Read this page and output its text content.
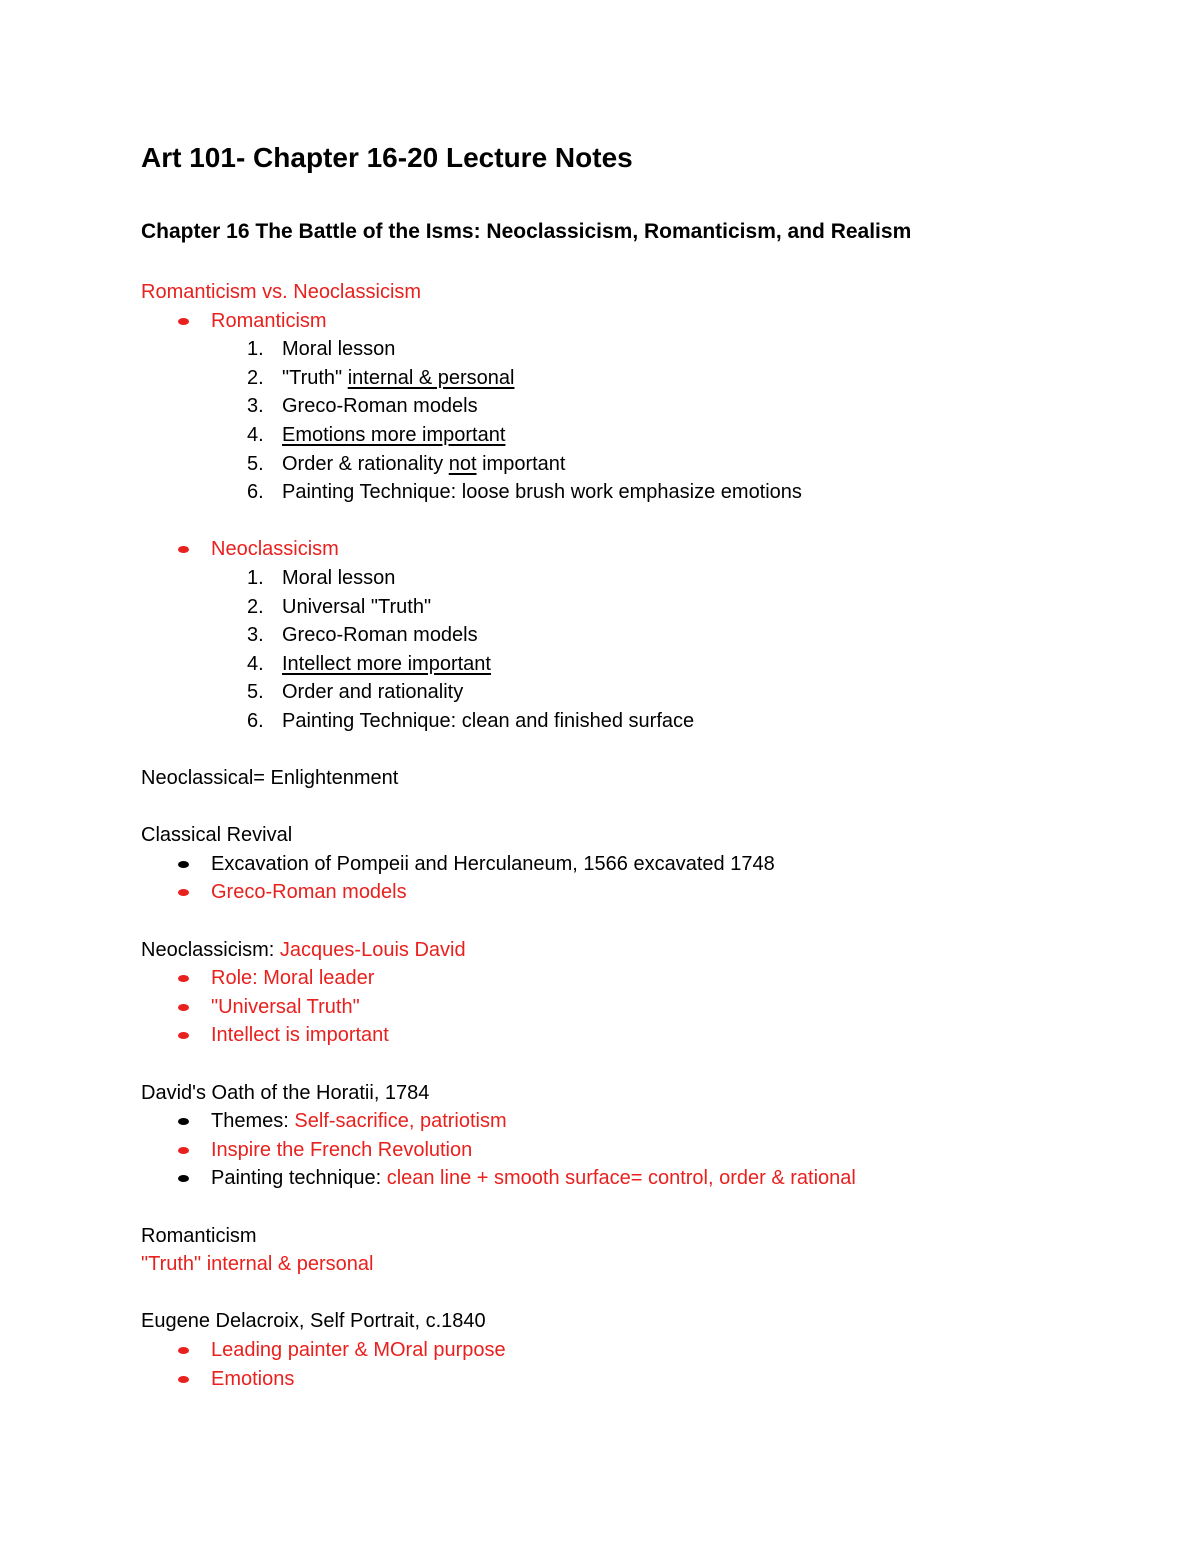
Art 101- Chapter 16-20 Lecture Notes
Chapter 16 The Battle of the Isms: Neoclassicism, Romanticism, and Realism
Romanticism vs. Neoclassicism
Romanticism
1. Moral lesson
2. "Truth" internal & personal
3. Greco-Roman models
4. Emotions more important
5. Order & rationality not important
6. Painting Technique: loose brush work emphasize emotions
Neoclassicism
1. Moral lesson
2. Universal "Truth"
3. Greco-Roman models
4. Intellect more important
5. Order and rationality
6. Painting Technique: clean and finished surface
Neoclassical= Enlightenment
Classical Revival
Excavation of Pompeii and Herculaneum, 1566 excavated 1748
Greco-Roman models
Neoclassicism: Jacques-Louis David
Role: Moral leader
"Universal Truth"
Intellect is important
David's Oath of the Horatii, 1784
Themes: Self-sacrifice, patriotism
Inspire the French Revolution
Painting technique: clean line + smooth surface= control, order & rational
Romanticism
"Truth" internal & personal
Eugene Delacroix, Self Portrait, c.1840
Leading painter & MOral purpose
Emotions
